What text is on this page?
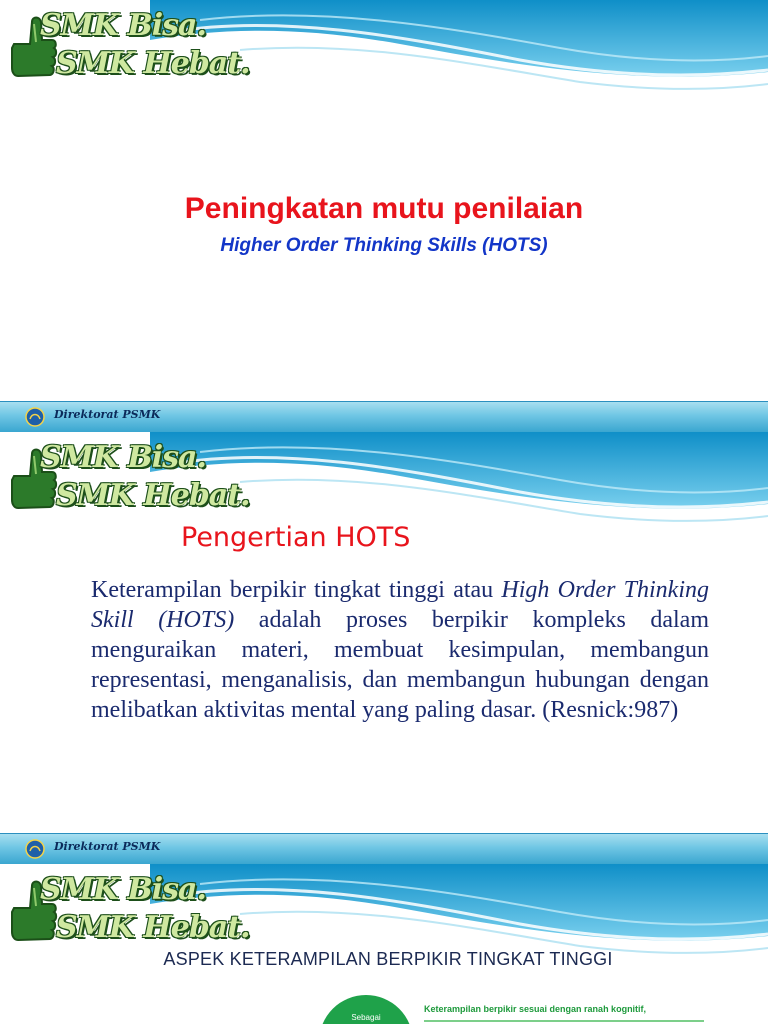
SMK Bisa.
SMK Hebat.
Peningkatan mutu penilaian
Higher Order Thinking Skills (HOTS)
Direktorat PSMK
SMK Bisa.
SMK Hebat.
Pengertian HOTS
Keterampilan berpikir tingkat tinggi atau High Order Thinking Skill (HOTS) adalah proses berpikir kompleks dalam menguraikan materi, membuat kesimpulan, membangun representasi, menganalisis, dan membangun hubungan dengan melibatkan aktivitas mental yang paling dasar. (Resnick:987)
Direktorat PSMK
SMK Bisa.
SMK Hebat.
ASPEK KETERAMPILAN BERPIKIR TINGKAT TINGGI
Sebagai
Keterampilan berpikir sesuai dengan ranah kognitif,
